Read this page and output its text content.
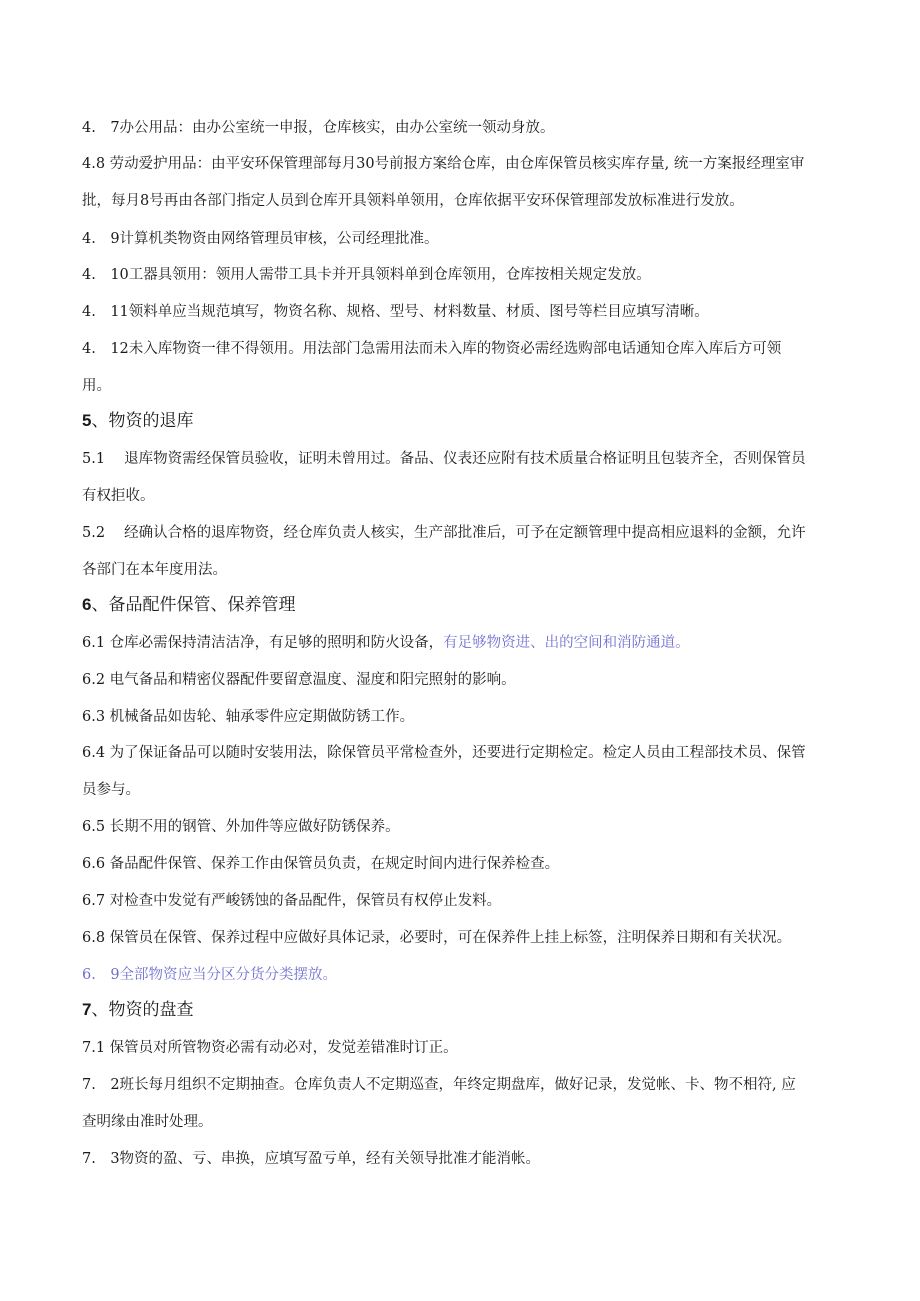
4.　7办公用品：由办公室统一申报，仓库核实，由办公室统一领动身放。
4.8 劳动爱护用品：由平安环保管理部每月30号前报方案给仓库，由仓库保管员核实库存量, 统一方案报经理室审
批，每月8号再由各部门指定人员到仓库开具领料单领用，仓库依据平安环保管理部发放标准进行发放。
4.　9计算机类物资由网络管理员审核，公司经理批准。
4.　10工器具领用：领用人需带工具卡并开具领料单到仓库领用，仓库按相关规定发放。
4.　11领料单应当规范填写，物资名称、规格、型号、材料数量、材质、图号等栏目应填写清晰。
4.　12未入库物资一律不得领用。用法部门急需用法而未入库的物资必需经选购部电话通知仓库入库后方可领
用。
5、物资的退库
5.1　 退库物资需经保管员验收，证明未曾用过。备品、仪表还应附有技术质量合格证明且包装齐全，否则保管员
有权拒收。
5.2　 经确认合格的退库物资，经仓库负责人核实，生产部批准后，可予在定额管理中提高相应退料的金额，允许
各部门在本年度用法。
6、备品配件保管、保养管理
6.1 仓库必需保持清洁洁净，有足够的照明和防火设备，有足够物资进、出的空间和消防通道。
6.2 电气备品和精密仪器配件要留意温度、湿度和阳完照射的影响。
6.3 机械备品如齿轮、轴承零件应定期做防锈工作。
6.4 为了保证备品可以随时安装用法，除保管员平常检查外，还要进行定期检定。检定人员由工程部技术员、保管
员参与。
6.5 长期不用的钢管、外加件等应做好防锈保养。
6.6 备品配件保管、保养工作由保管员负责，在规定时间内进行保养检查。
6.7 对检查中发觉有严峻锈蚀的备品配件，保管员有权停止发料。
6.8 保管员在保管、保养过程中应做好具体记录，必要时，可在保养件上挂上标签，注明保养日期和有关状况。
6.　9全部物资应当分区分货分类摆放。
7、物资的盘查
7.1 保管员对所管物资必需有动必对，发觉差错准时订正。
7.　2班长每月组织不定期抽查。仓库负责人不定期巡查，年终定期盘库，做好记录，发觉帐、卡、物不相符, 应
查明缘由准时处理。
7.　3物资的盈、亏、串换，应填写盈亏单，经有关领导批准才能消帐。
